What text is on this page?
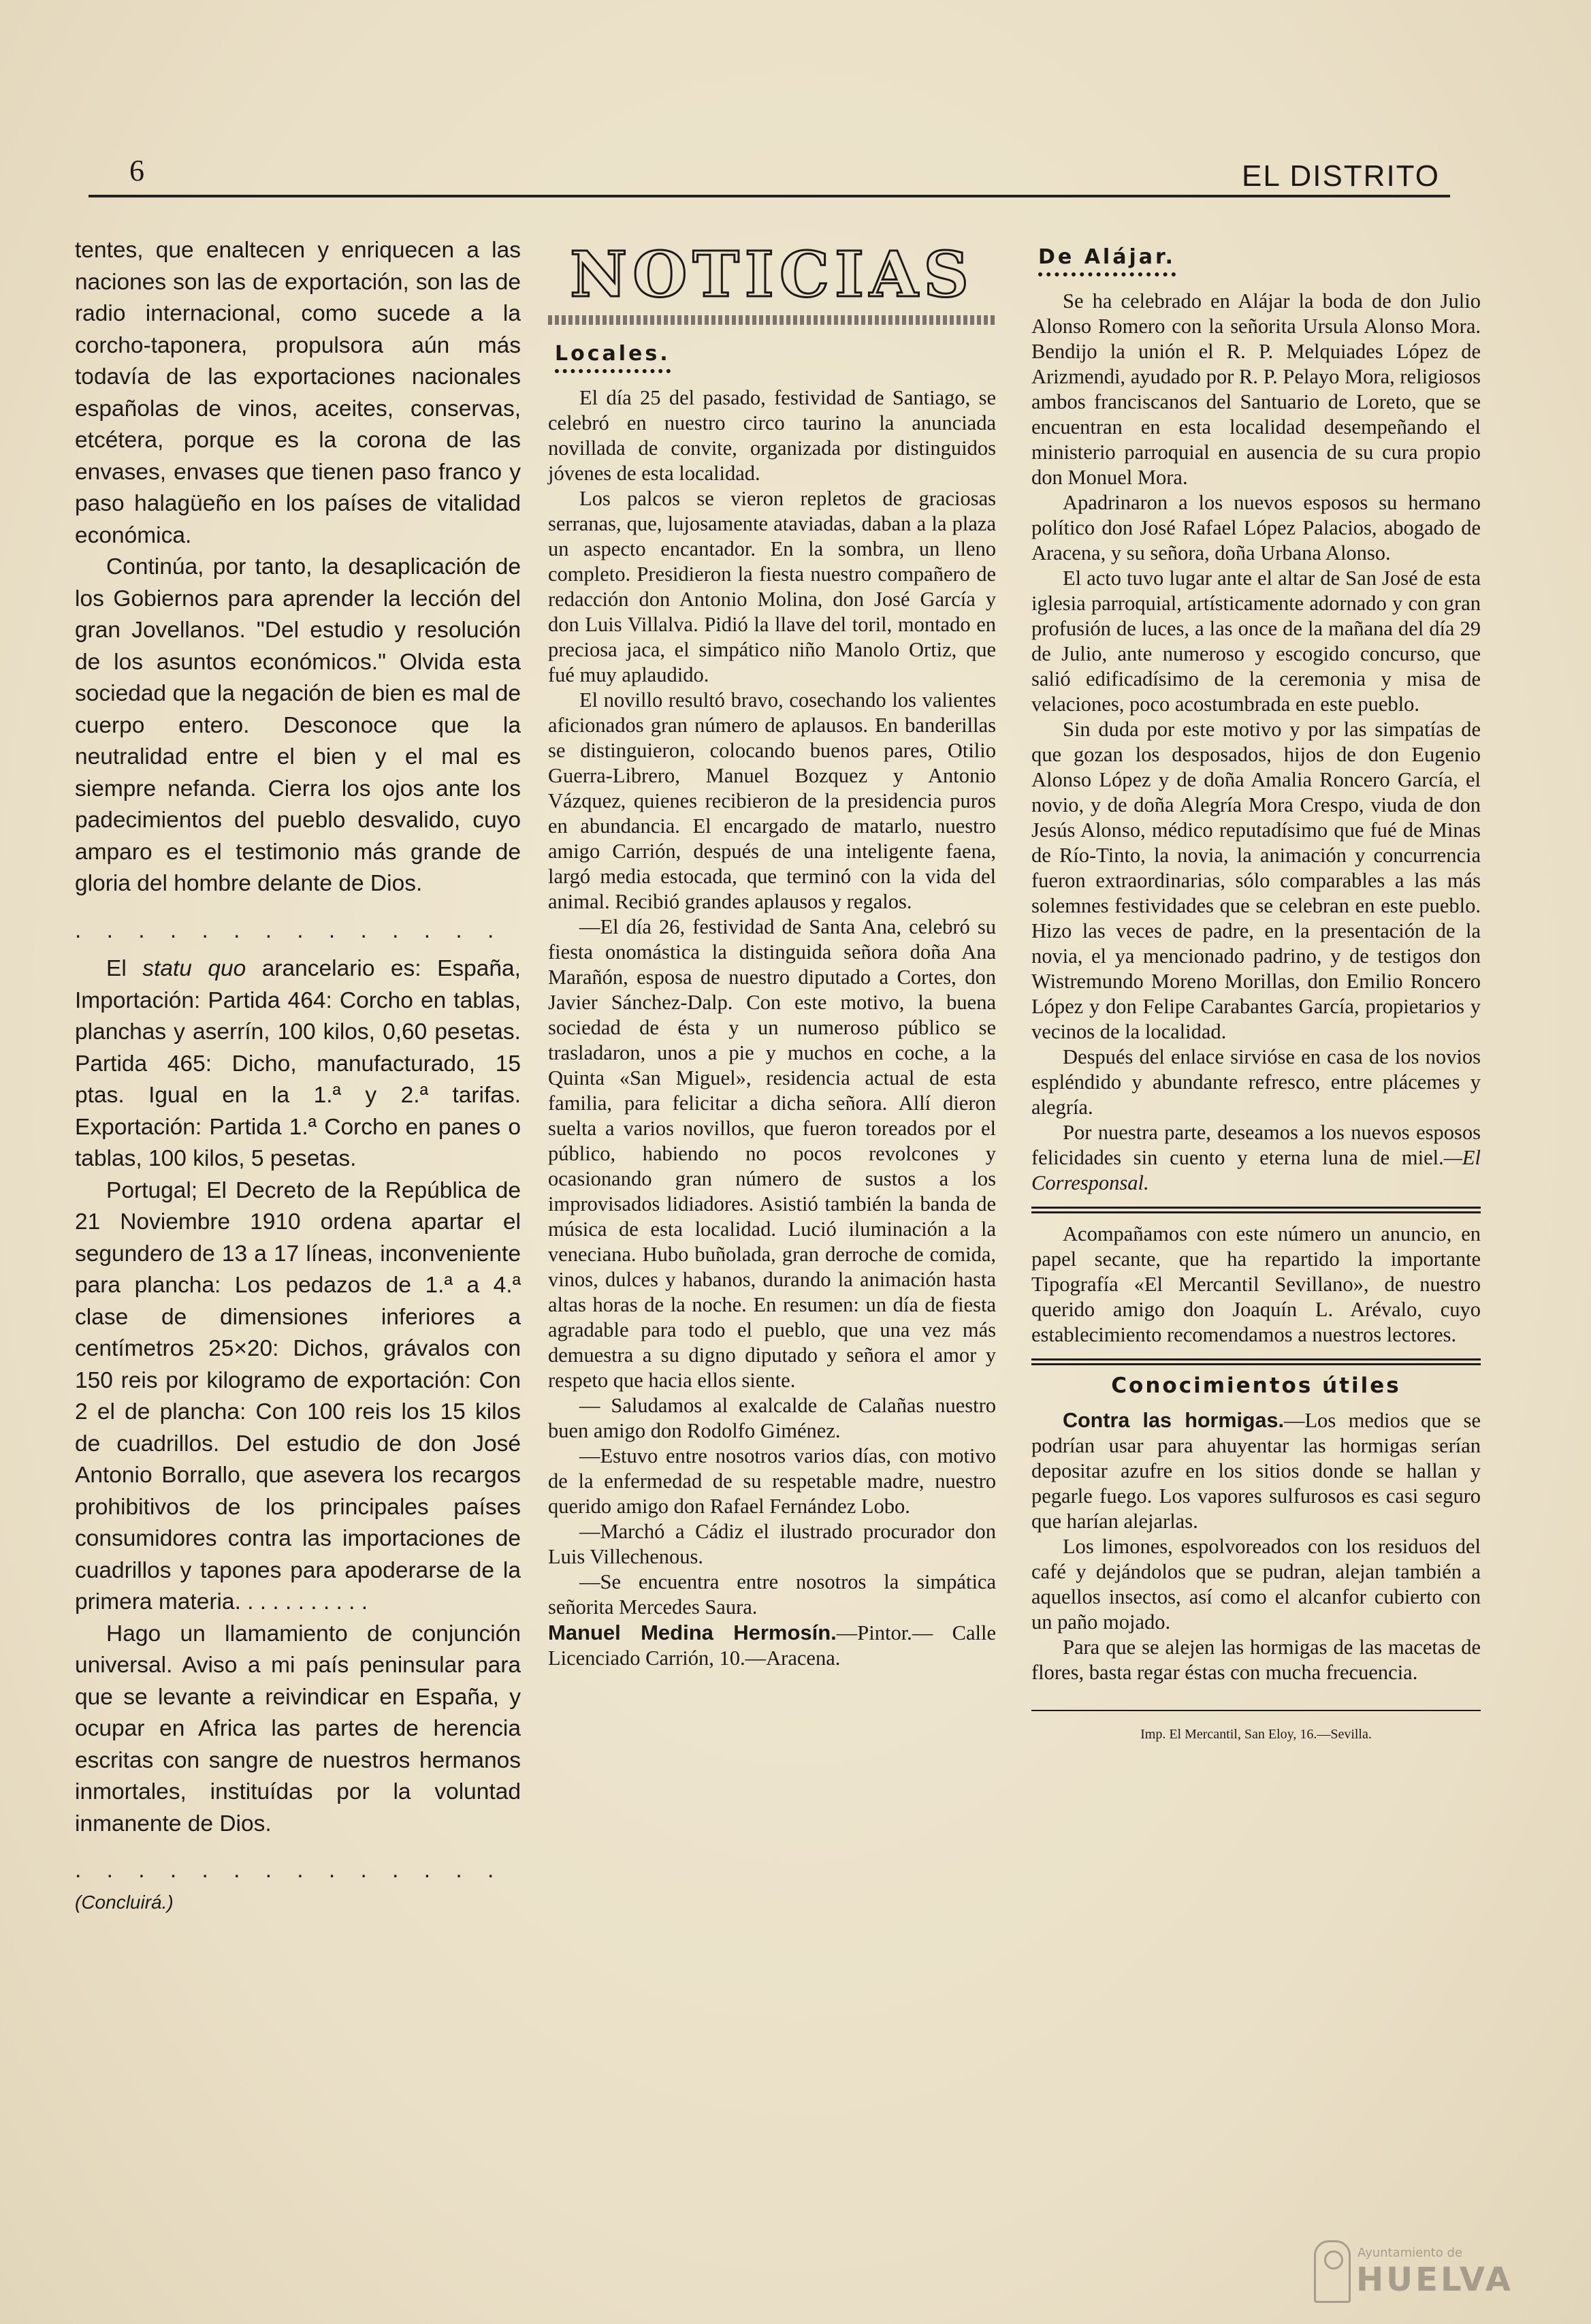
6	EL DISTRITO

tentes, que enaltecen y enriquecen a las naciones son las de exportación, son las de radio internacional, como sucede a la corcho-taponera, propulsora aún más todavía de las exportaciones nacionales españolas de vinos, aceites, conservas, etcétera, porque es la corona de las envases, envases que tienen paso franco y paso halagüeño en los países de vitalidad económica.

Continúa, por tanto, la desaplicación de los Gobiernos para aprender la lección del gran Jovellanos. "Del estudio y resolución de los asuntos económicos." Olvida esta sociedad que la negación de bien es mal de cuerpo entero. Desconoce que la neutralidad entre el bien y el mal es siempre nefanda. Cierra los ojos ante los padecimientos del pueblo desvalido, cuyo amparo es el testimonio más grande de gloria del hombre delante de Dios.

. . . . . . . . . . . . . .

El statu quo arancelario es: España, Importación: Partida 464: Corcho en tablas, planchas y aserrín, 100 kilos, 0,60 pesetas. Partida 465: Dicho, manufacturado, 15 ptas. Igual en la 1.ª y 2.ª tarifas. Exportación: Partida 1.ª Corcho en panes o tablas, 100 kilos, 5 pesetas.

Portugal; El Decreto de la República de 21 Noviembre 1910 ordena apartar el segundero de 13 a 17 líneas, inconveniente para plancha: Los pedazos de 1.ª a 4.ª clase de dimensiones inferiores a centímetros 25×20: Dichos, grávalos con 150 reis por kilogramo de exportación: Con 2 el de plancha: Con 100 reis los 15 kilos de cuadrillos. Del estudio de don José Antonio Borrallo, que asevera los recargos prohibitivos de los principales países consumidores contra las importaciones de cuadrillos y tapones para apoderarse de la primera materia. . . . . . . . . . .

Hago un llamamiento de conjunción universal. Aviso a mi país peninsular para que se levante a reivindicar en España, y ocupar en Africa las partes de herencia escritas con sangre de nuestros hermanos inmortales, instituídas por la voluntad inmanente de Dios.

. . . . . . . . . . . . . .

(Concluirá.)

NOTICIAS
Locales.

El día 25 del pasado, festividad de Santiago, se celebró en nuestro circo taurino la anunciada novillada de convite, organizada por distinguidos jóvenes de esta localidad.

Los palcos se vieron repletos de graciosas serranas, que, lujosamente ataviadas, daban a la plaza un aspecto encantador. En la sombra, un lleno completo. Presidieron la fiesta nuestro compañero de redacción don Antonio Molina, don José García y don Luis Villalva. Pidió la llave del toril, montado en preciosa jaca, el simpático niño Manolo Ortiz, que fué muy aplaudido.

El novillo resultó bravo, cosechando los valientes aficionados gran número de aplausos. En banderillas se distinguieron, colocando buenos pares, Otilio Guerra-Librero, Manuel Bozquez y Antonio Vázquez, quienes recibieron de la presidencia puros en abundancia. El encargado de matarlo, nuestro amigo Carrión, después de una inteligente faena, largó media estocada, que terminó con la vida del animal. Recibió grandes aplausos y regalos.

—El día 26, festividad de Santa Ana, celebró su fiesta onomástica la distinguida señora doña Ana Marañón, esposa de nuestro diputado a Cortes, don Javier Sánchez-Dalp. Con este motivo, la buena sociedad de ésta y un numeroso público se trasladaron, unos a pie y muchos en coche, a la Quinta «San Miguel», residencia actual de esta familia, para felicitar a dicha señora. Allí dieron suelta a varios novillos, que fueron toreados por el público, habiendo no pocos revolcones y ocasionando gran número de sustos a los improvisados lidiadores. Asistió también la banda de música de esta localidad. Lució iluminación a la veneciana. Hubo buñolada, gran derroche de comida, vinos, dulces y habanos, durando la animación hasta altas horas de la noche. En resumen: un día de fiesta agradable para todo el pueblo, que una vez más demuestra a su digno diputado y señora el amor y respeto que hacia ellos siente.

— Saludamos al exalcalde de Calañas nuestro buen amigo don Rodolfo Giménez.

—Estuvo entre nosotros varios días, con motivo de la enfermedad de su respetable madre, nuestro querido amigo don Rafael Fernández Lobo.

—Marchó a Cádiz el ilustrado procurador don Luis Villechenous.

—Se encuentra entre nosotros la simpática señorita Mercedes Saura.

Manuel Medina Hermosín.—Pintor.— Calle Licenciado Carrión, 10.—Aracena.

De Alájar.

Se ha celebrado en Alájar la boda de don Julio Alonso Romero con la señorita Ursula Alonso Mora. Bendijo la unión el R. P. Melquiades López de Arizmendi, ayudado por R. P. Pelayo Mora, religiosos ambos franciscanos del Santuario de Loreto, que se encuentran en esta localidad desempeñando el ministerio parroquial en ausencia de su cura propio don Monuel Mora.

Apadrinaron a los nuevos esposos su hermano político don José Rafael López Palacios, abogado de Aracena, y su señora, doña Urbana Alonso.

El acto tuvo lugar ante el altar de San José de esta iglesia parroquial, artísticamente adornado y con gran profusión de luces, a las once de la mañana del día 29 de Julio, ante numeroso y escogido concurso, que salió edificadísimo de la ceremonia y misa de velaciones, poco acostumbrada en este pueblo.

Sin duda por este motivo y por las simpatías de que gozan los desposados, hijos de don Eugenio Alonso López y de doña Amalia Roncero García, el novio, y de doña Alegría Mora Crespo, viuda de don Jesús Alonso, médico reputadísimo que fué de Minas de Río-Tinto, la novia, la animación y concurrencia fueron extraordinarias, sólo comparables a las más solemnes festividades que se celebran en este pueblo. Hizo las veces de padre, en la presentación de la novia, el ya mencionado padrino, y de testigos don Wistremundo Moreno Morillas, don Emilio Roncero López y don Felipe Carabantes García, propietarios y vecinos de la localidad.

Después del enlace sirvióse en casa de los novios espléndido y abundante refresco, entre plácemes y alegría.

Por nuestra parte, deseamos a los nuevos esposos felicidades sin cuento y eterna luna de miel.—El Corresponsal.

Acompañamos con este número un anuncio, en papel secante, que ha repartido la importante Tipografía «El Mercantil Sevillano», de nuestro querido amigo don Joaquín L. Arévalo, cuyo establecimiento recomendamos a nuestros lectores.

Conocimientos útiles

Contra las hormigas.—Los medios que se podrían usar para ahuyentar las hormigas serían depositar azufre en los sitios donde se hallan y pegarle fuego. Los vapores sulfurosos es casi seguro que harían alejarlas.

Los limones, espolvoreados con los residuos del café y dejándolos que se pudran, alejan también a aquellos insectos, así como el alcanfor cubierto con un paño mojado.

Para que se alejen las hormigas de las macetas de flores, basta regar éstas con mucha frecuencia.

Imp. El Mercantil, San Eloy, 16.—Sevilla.
Ayuntamiento de
HUELVA
